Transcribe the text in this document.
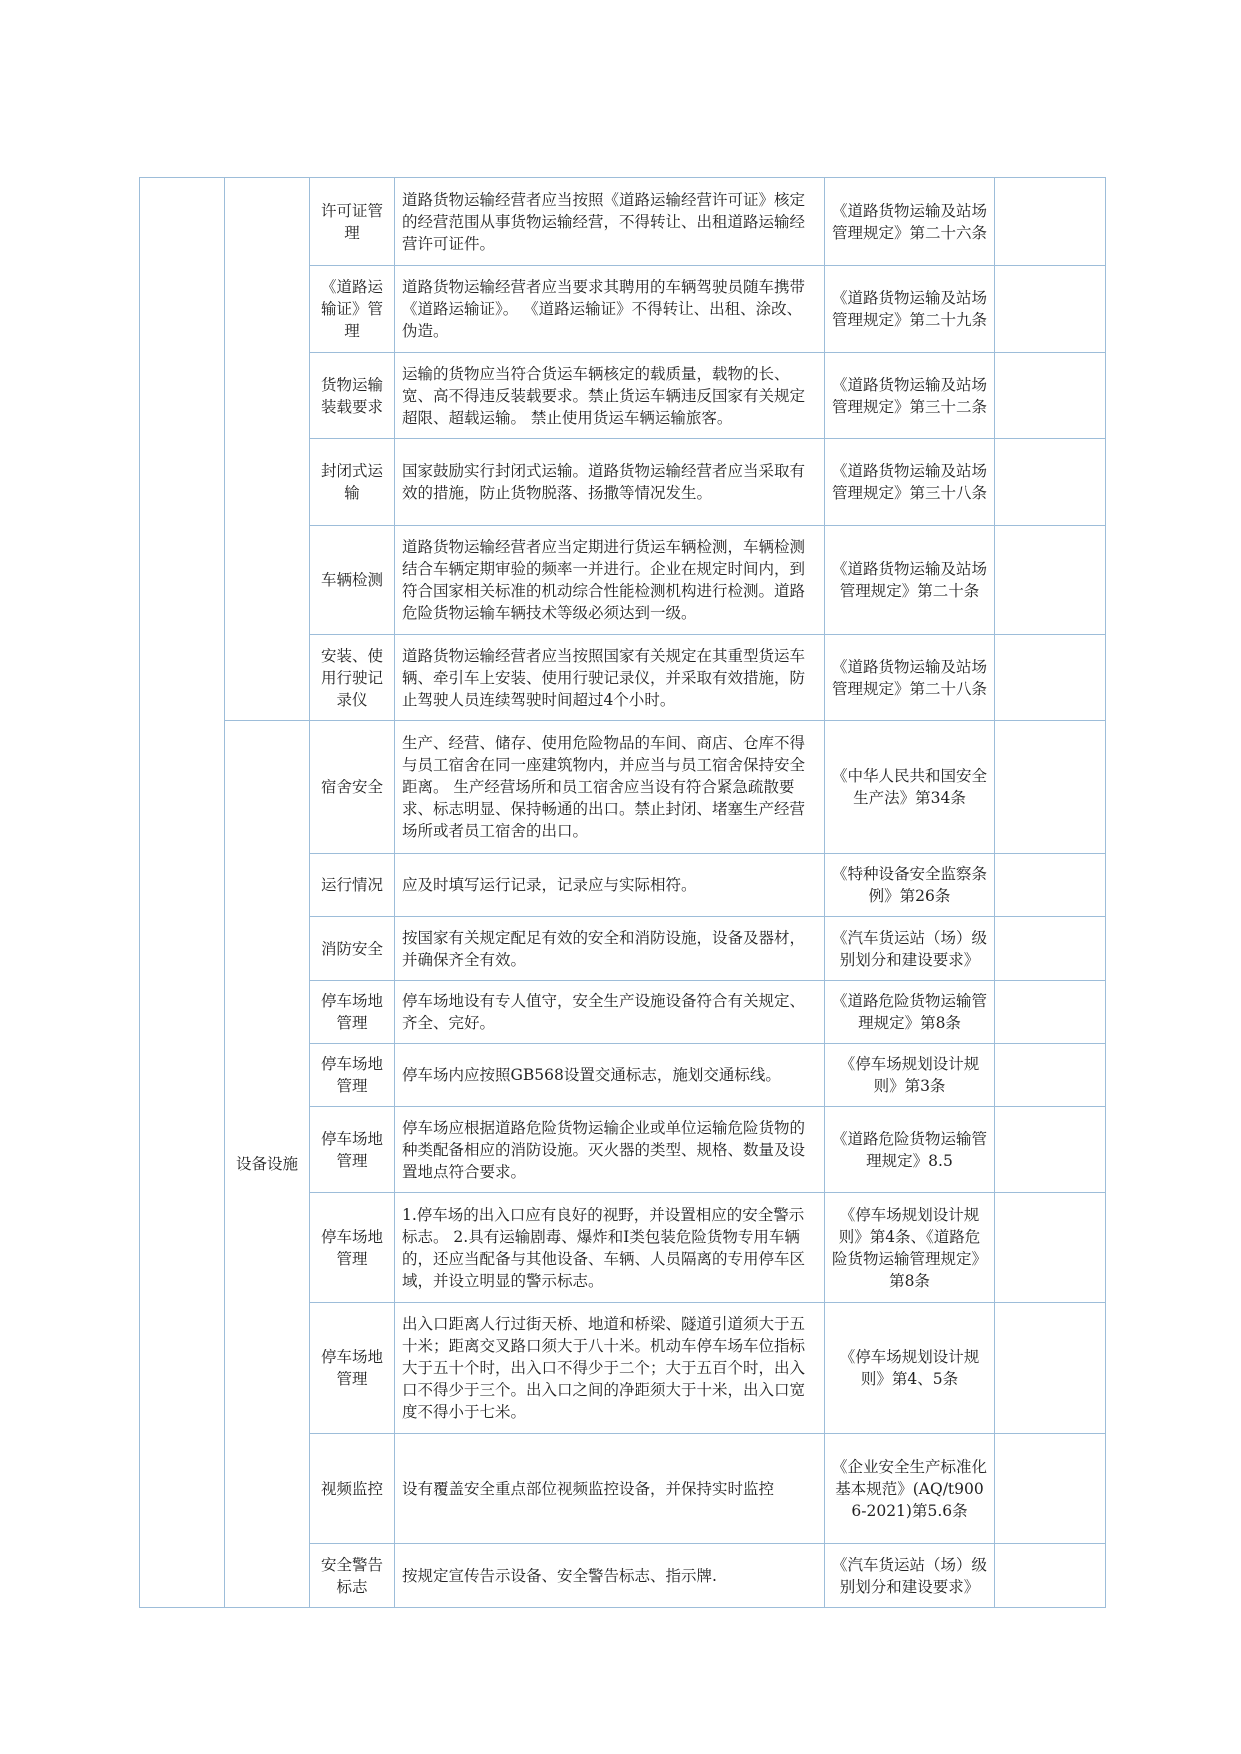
		许可证管理	道路货物运输经营者应当按照《道路运输经营许可证》核定的经营范围从事货物运输经营，不得转让、出租道路运输经营许可证件。	《道路货物运输及站场管理规定》第二十六条	
		《道路运输证》管理	道路货物运输经营者应当要求其聘用的车辆驾驶员随车携带《道路运输证》。 《道路运输证》不得转让、出租、涂改、伪造。	《道路货物运输及站场管理规定》第二十九条	
		货物运输装载要求	运输的货物应当符合货运车辆核定的载质量，载物的长、宽、高不得违反装载要求。禁止货运车辆违反国家有关规定超限、超载运输。 禁止使用货运车辆运输旅客。	《道路货物运输及站场管理规定》第三十二条	
		封闭式运输	国家鼓励实行封闭式运输。道路货物运输经营者应当采取有效的措施，防止货物脱落、扬撒等情况发生。	《道路货物运输及站场管理规定》第三十八条	
		车辆检测	道路货物运输经营者应当定期进行货运车辆检测，车辆检测结合车辆定期审验的频率一并进行。企业在规定时间内，到符合国家相关标准的机动综合性能检测机构进行检测。道路危险货物运输车辆技术等级必须达到一级。	《道路货物运输及站场管理规定》第二十条	
		安装、使用行驶记录仪	道路货物运输经营者应当按照国家有关规定在其重型货运车辆、牵引车上安装、使用行驶记录仪，并采取有效措施，防止驾驶人员连续驾驶时间超过4个小时。	《道路货物运输及站场管理规定》第二十八条	
	设备设施	宿舍安全	生产、经营、储存、使用危险物品的车间、商店、仓库不得与员工宿舍在同一座建筑物内，并应当与员工宿舍保持安全距离。 生产经营场所和员工宿舍应当设有符合紧急疏散要求、标志明显、保持畅通的出口。禁止封闭、堵塞生产经营场所或者员工宿舍的出口。	《中华人民共和国安全生产法》第34条	
		运行情况	应及时填写运行记录，记录应与实际相符。	《特种设备安全监察条例》第26条	
		消防安全	按国家有关规定配足有效的安全和消防设施，设备及器材，并确保齐全有效。	《汽车货运站（场）级别划分和建设要求》	
		停车场地管理	停车场地设有专人值守，安全生产设施设备符合有关规定、齐全、完好。	《道路危险货物运输管理规定》第8条	
		停车场地管理	停车场内应按照GB568设置交通标志，施划交通标线。	《停车场规划设计规则》第3条	
		停车场地管理	停车场应根据道路危险货物运输企业或单位运输危险货物的种类配备相应的消防设施。灭火器的类型、规格、数量及设置地点符合要求。	《道路危险货物运输管理规定》8.5	
		停车场地管理	1.停车场的出入口应有良好的视野，并设置相应的安全警示标志。 2.具有运输剧毒、爆炸和Ⅰ类包装危险货物专用车辆的，还应当配备与其他设备、车辆、人员隔离的专用停车区域，并设立明显的警示标志。	《停车场规划设计规则》第4条、《道路危险货物运输管理规定》第8条	
		停车场地管理	出入口距离人行过街天桥、地道和桥梁、隧道引道须大于五十米；距离交叉路口须大于八十米。机动车停车场车位指标大于五十个时，出入口不得少于二个；大于五百个时，出入口不得少于三个。出入口之间的净距须大于十米，出入口宽度不得小于七米。	《停车场规划设计规则》第4、5条	
		视频监控	设有覆盖安全重点部位视频监控设备，并保持实时监控	《企业安全生产标准化基本规范》(AQ/t9006-2021)第5.6条	
		安全警告标志	按规定宣传告示设备、安全警告标志、指示牌.	《汽车货运站（场）级别划分和建设要求》	
